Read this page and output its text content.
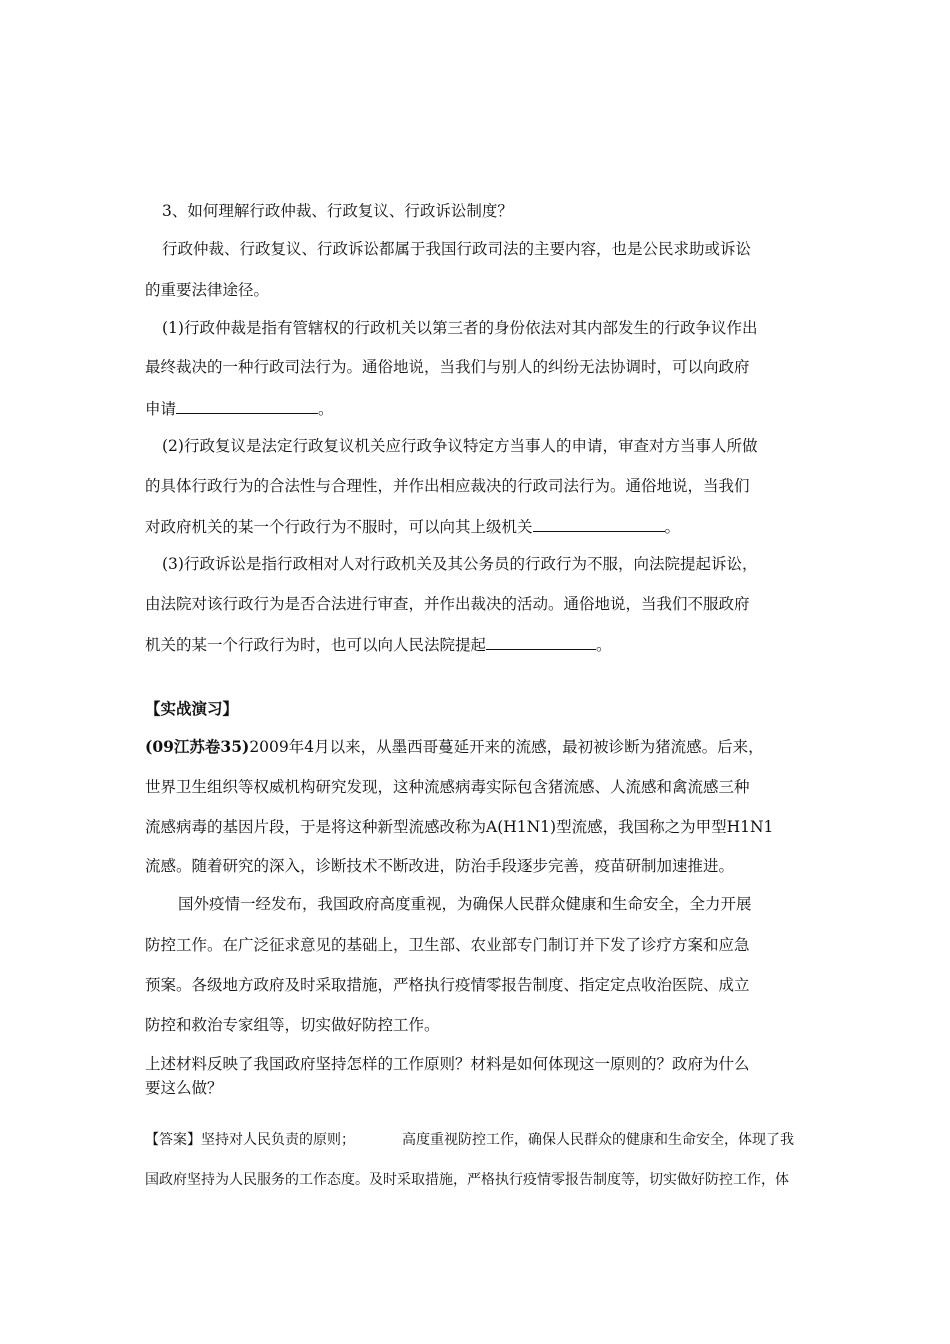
3、如何理解行政仲裁、行政复议、行政诉讼制度？
行政仲裁、行政复议、行政诉讼都属于我国行政司法的主要内容，也是公民求助或诉讼
的重要法律途径。
(1)行政仲裁是指有管辖权的行政机关以第三者的身份依法对其内部发生的行政争议作出
最终裁决的一种行政司法行为。通俗地说，当我们与别人的纠纷无法协调时，可以向政府
申请	。
(2)行政复议是法定行政复议机关应行政争议特定方当事人的申请，审查对方当事人所做
的具体行政行为的合法性与合理性，并作出相应裁决的行政司法行为。通俗地说，当我们
对政府机关的某一个行政行为不服时，可以向其上级机关	。
(3)行政诉讼是指行政相对人对行政机关及其公务员的行政行为不服，向法院提起诉讼，
由法院对该行政行为是否合法进行审查，并作出裁决的活动。通俗地说，当我们不服政府
机关的某一个行政行为时，也可以向人民法院提起	。
【实战演习】
(09江苏卷35)2009年4月以来，从墨西哥蔓延开来的流感，最初被诊断为猪流感。后来，
世界卫生组织等权威机构研究发现，这种流感病毒实际包含猪流感、人流感和禽流感三种
流感病毒的基因片段，于是将这种新型流感改称为A(H1N1)型流感，我国称之为甲型H1N1
流感。随着研究的深入，诊断技术不断改进，防治手段逐步完善，疫苗研制加速推进。
国外疫情一经发布，我国政府高度重视，为确保人民群众健康和生命安全，全力开展
防控工作。在广泛征求意见的基础上，卫生部、农业部专门制订并下发了诊疗方案和应急
预案。各级地方政府及时采取措施，严格执行疫情零报告制度、指定定点收治医院、成立
防控和救治专家组等，切实做好防控工作。
上述材料反映了我国政府坚持怎样的工作原则？材料是如何体现这一原则的？政府为什么
要这么做？
【答案】坚持对人民负责的原则；	高度重视防控工作，确保人民群众的健康和生命安全，体现了我
国政府坚持为人民服务的工作态度。及时采取措施，严格执行疫情零报告制度等，切实做好防控工作，体
